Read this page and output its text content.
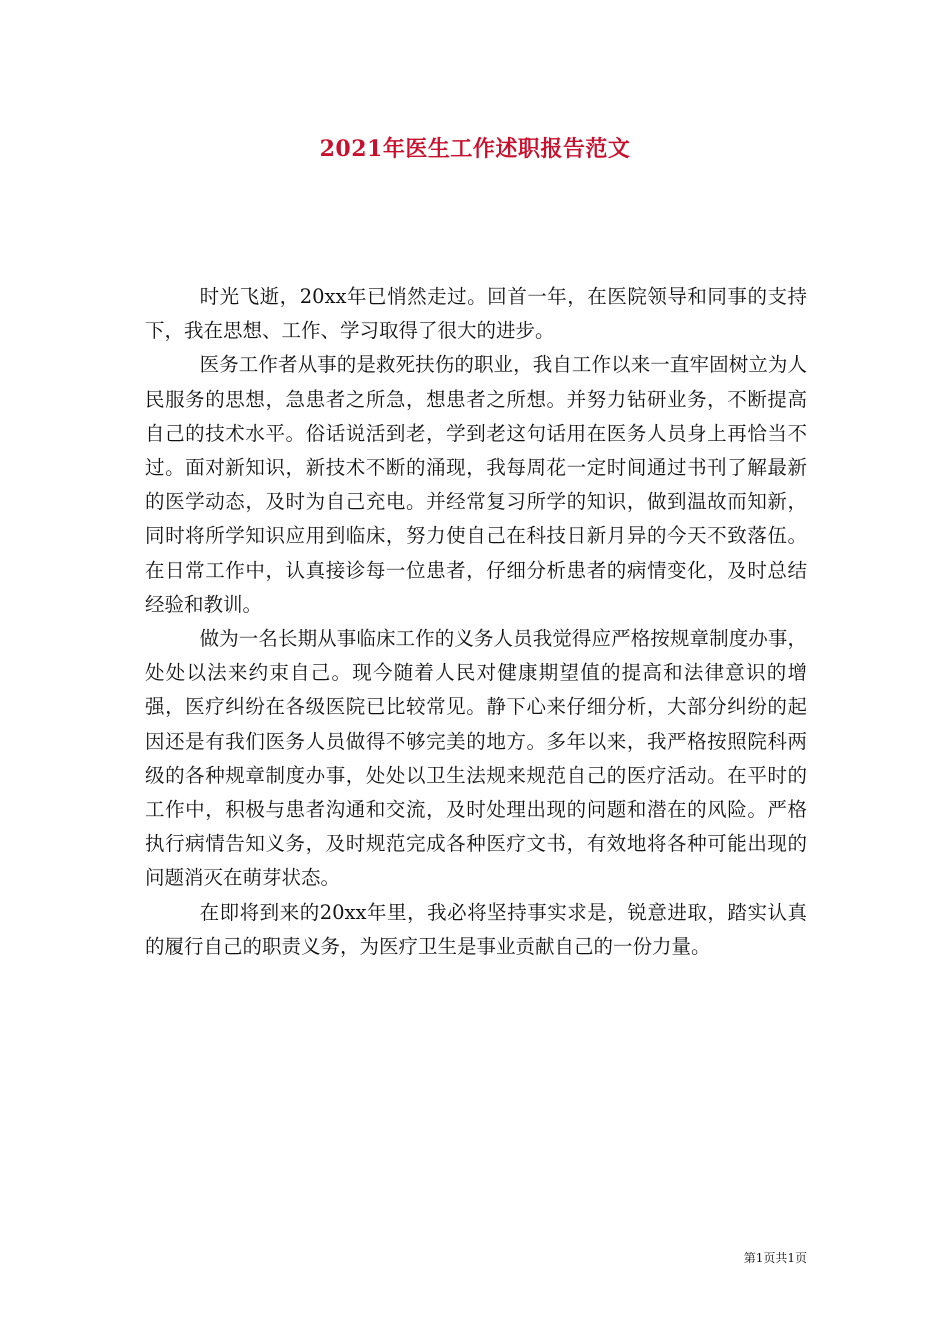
2021年医生工作述职报告范文

时光飞逝，20xx年已悄然走过。回首一年，在医院领导和同事的支持下，我在思想、工作、学习取得了很大的进步。

医务工作者从事的是救死扶伤的职业，我自工作以来一直牢固树立为人民服务的思想，急患者之所急，想患者之所想。并努力钻研业务，不断提高自己的技术水平。俗话说活到老，学到老这句话用在医务人员身上再恰当不过。面对新知识，新技术不断的涌现，我每周花一定时间通过书刊了解最新的医学动态，及时为自己充电。并经常复习所学的知识，做到温故而知新，同时将所学知识应用到临床，努力使自己在科技日新月异的今天不致落伍。在日常工作中，认真接诊每一位患者，仔细分析患者的病情变化，及时总结经验和教训。

做为一名长期从事临床工作的义务人员我觉得应严格按规章制度办事，处处以法来约束自己。现今随着人民对健康期望值的提高和法律意识的增强，医疗纠纷在各级医院已比较常见。静下心来仔细分析，大部分纠纷的起因还是有我们医务人员做得不够完美的地方。多年以来，我严格按照院科两级的各种规章制度办事，处处以卫生法规来规范自己的医疗活动。在平时的工作中，积极与患者沟通和交流，及时处理出现的问题和潜在的风险。严格执行病情告知义务，及时规范完成各种医疗文书，有效地将各种可能出现的问题消灭在萌芽状态。

在即将到来的20xx年里，我必将坚持事实求是，锐意进取，踏实认真的履行自己的职责义务，为医疗卫生是事业贡献自己的一份力量。

第1页共1页
